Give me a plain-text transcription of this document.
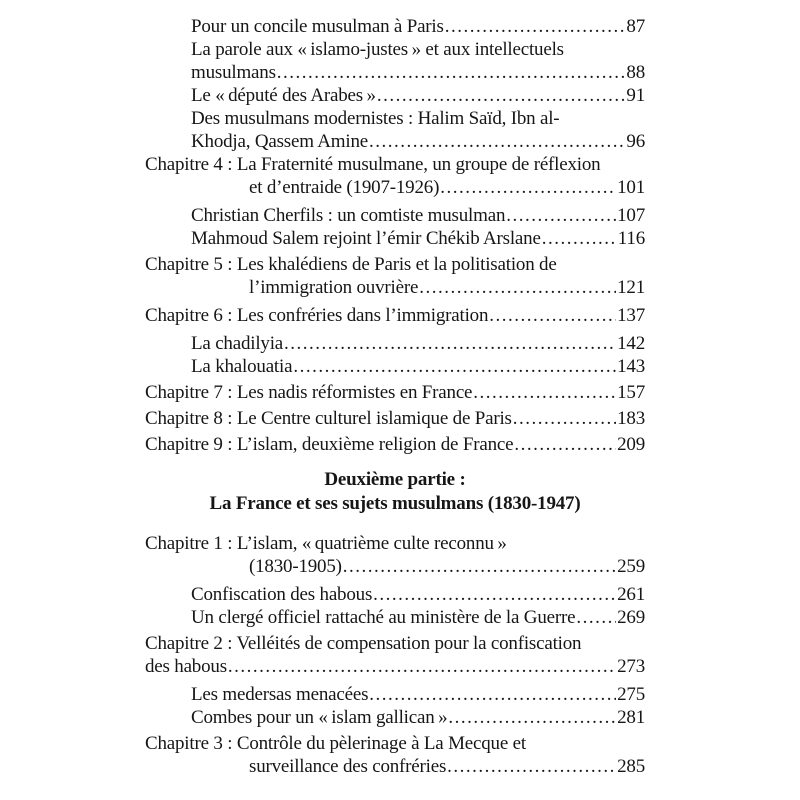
Pour un concile musulman à Paris .....	87
La parole aux « islamo-justes » et aux intellectuels
musulmans .....	88
Le « député des Arabes » .....	91
Des musulmans modernistes : Halim Saïd, Ibn al-
Khodja, Qassem Amine .....	96
Chapitre 4 : La Fraternité musulmane, un groupe de réflexion
et d’entraide (1907-1926) .....	101
Christian Cherfils : un comtiste musulman .....	107
Mahmoud Salem rejoint l’émir Chékib Arslane .....	116
Chapitre 5 : Les khalédiens de Paris et la politisation de
l’immigration ouvrière .....	121
Chapitre 6 : Les confréries dans l’immigration .....	137
La chadilyia .....	142
La khalouatia .....	143
Chapitre 7 : Les nadis réformistes en France .....	157
Chapitre 8 : Le Centre culturel islamique de Paris .....	183
Chapitre 9 : L’islam, deuxième religion de France .....	209
Deuxième partie :
La France et ses sujets musulmans (1830-1947)
Chapitre 1 : L’islam, « quatrième culte reconnu »
(1830-1905) .....	259
Confiscation des habous .....	261
Un clergé officiel rattaché au ministère de la Guerre ..... 269
Chapitre 2 : Velléités de compensation pour la confiscation
des habous .....	273
Les medersas menacées .....	275
Combes pour un « islam gallican » .....	281
Chapitre 3 : Contrôle du pèlerinage à La Mecque et
surveillance des confréries .....	285
